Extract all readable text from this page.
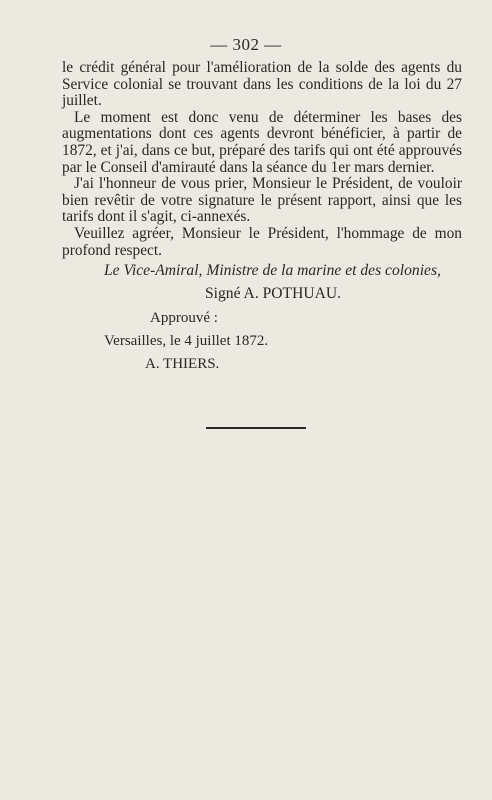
— 302 —

le crédit général pour l'amélioration de la solde des agents du Service colonial se trouvant dans les conditions de la loi du 27 juillet.

Le moment est donc venu de déterminer les bases des augmentations dont ces agents devront bénéficier, à partir de 1872, et j'ai, dans ce but, préparé des tarifs qui ont été approuvés par le Conseil d'amirauté dans la séance du 1er mars dernier.

J'ai l'honneur de vous prier, Monsieur le Président, de vouloir bien revêtir de votre signature le présent rapport, ainsi que les tarifs dont il s'agit, ci-annexés.

Veuillez agréer, Monsieur le Président, l'hommage de mon profond respect.

Le Vice-Amiral, Ministre de la marine et des colonies,
Signé A. POTHUAU.
Approuvé :
Versailles, le 4 juillet 1872.
A. THIERS.
